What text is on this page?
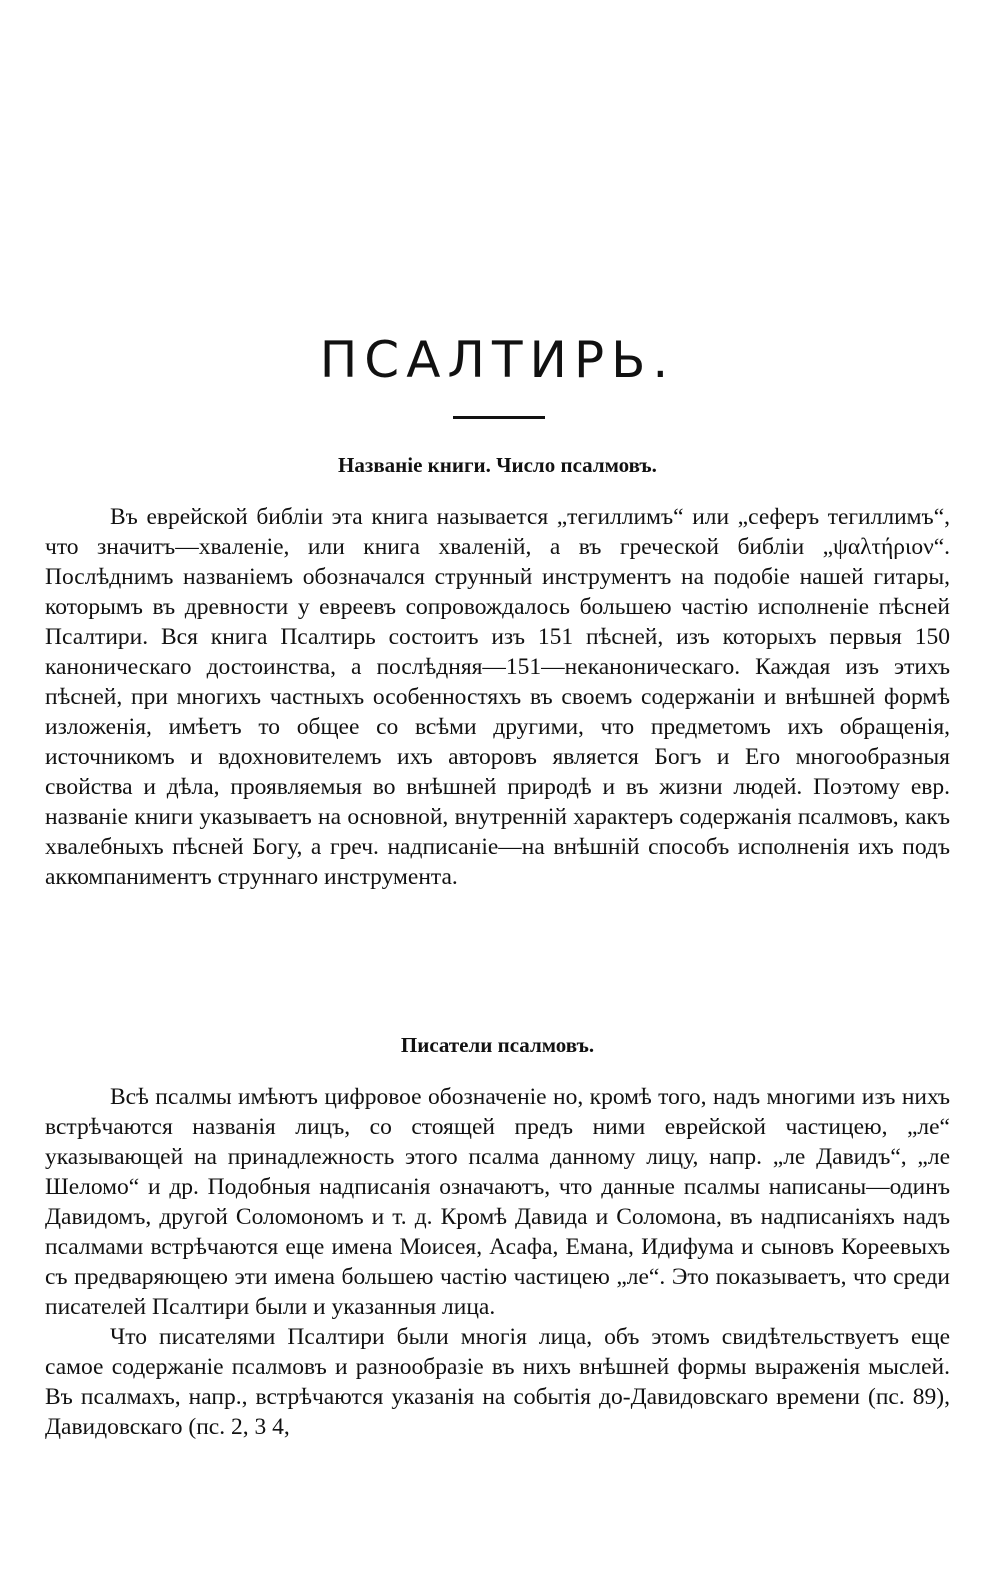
ПСАЛТИРЬ.
Названіе книги. Число псалмовъ.

Въ еврейской библіи эта книга называется „тегиллимъ“ или „сеферъ тегиллимъ“, что значитъ—хваленіе, или книга хваленій, а въ греческой библіи „ψαλτήριον“. Послѣднимъ названіемъ обозначался струнный инструментъ на подобіе нашей гитары, которымъ въ древности у евреевъ сопровождалось большею частію исполненіе пѣсней Псалтири. Вся книга Псалтирь состоитъ изъ 151 пѣсней, изъ которыхъ первыя 150 каноническаго достоинства, а послѣдняя—151—неканоническаго. Каждая изъ этихъ пѣсней, при многихъ частныхъ особенностяхъ въ своемъ содержаніи и внѣшней формѣ изложенія, имѣетъ то общее со всѣми другими, что предметомъ ихъ обращенія, источникомъ и вдохновителемъ ихъ авторовъ является Богъ и Его многообразныя свойства и дѣла, проявляемыя во внѣшней природѣ и въ жизни людей. Поэтому евр. названіе книги указываетъ на основной, внутренній характеръ содержанія псалмовъ, какъ хвалебныхъ пѣсней Богу, а греч. надписаніе—на внѣшній способъ исполненія ихъ подъ аккомпаниментъ струннаго инструмента.

Писатели псалмовъ.

Всѣ псалмы имѣютъ цифровое обозначеніе но, кромѣ того, надъ многими изъ нихъ встрѣчаются названія лицъ, со стоящей предъ ними еврейской частицею, „ле“ указывающей на принадлежность этого псалма данному лицу, напр. „ле Давидъ“, „ле Шеломо“ и др. Подобныя надписанія означаютъ, что данные псалмы написаны—одинъ Давидомъ, другой Соломономъ и т. д. Кромѣ Давида и Соломона, въ надписаніяхъ надъ псалмами встрѣчаются еще имена Моисея, Асафа, Емана, Идифума и сыновъ Кореевыхъ съ предваряющею эти имена большею частію частицею „ле“. Это показываетъ, что среди писателей Псалтири были и указанныя лица.

Что писателями Псалтири были многія лица, объ этомъ свидѣтельствуетъ еще самое содержаніе псалмовъ и разнообразіе въ нихъ внѣшней формы выраженія мыслей. Въ псалмахъ, напр., встрѣчаются указанія на событія до-Давидовскаго времени (пс. 89), Давидовскаго (пс. 2, 3 4,
